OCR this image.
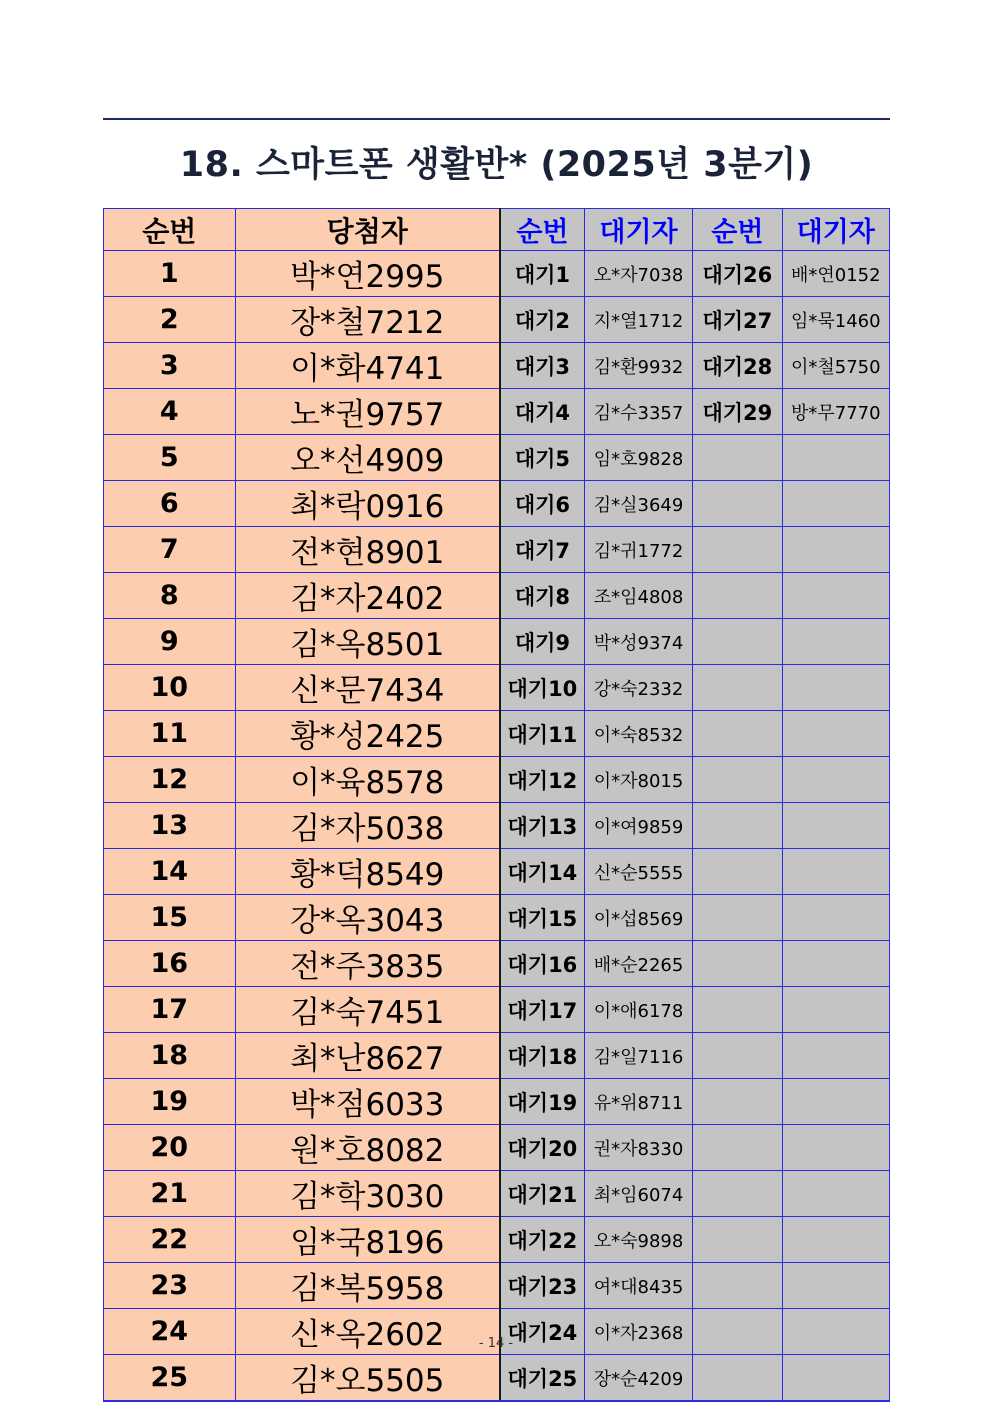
18. 스마트폰 생활반* (2025년 3분기)
순번	당첨자	순번	대기자	순번	대기자
1	박*연2995	대기1	오*자7038	대기26	배*연0152
2	장*철7212	대기2	지*열1712	대기27	임*묵1460
3	이*화4741	대기3	김*환9932	대기28	이*철5750
4	노*권9757	대기4	김*수3357	대기29	방*무7770
5	오*선4909	대기5	임*호9828		
6	최*락0916	대기6	김*실3649		
7	전*현8901	대기7	김*귀1772		
8	김*자2402	대기8	조*임4808		
9	김*옥8501	대기9	박*성9374		
10	신*문7434	대기10	강*숙2332		
11	황*성2425	대기11	이*숙8532		
12	이*육8578	대기12	이*자8015		
13	김*자5038	대기13	이*여9859		
14	황*덕8549	대기14	신*순5555		
15	강*옥3043	대기15	이*섭8569		
16	전*주3835	대기16	배*순2265		
17	김*숙7451	대기17	이*애6178		
18	최*난8627	대기18	김*일7116		
19	박*점6033	대기19	유*위8711		
20	원*호8082	대기20	권*자8330		
21	김*학3030	대기21	최*임6074		
22	임*국8196	대기22	오*숙9898		
23	김*복5958	대기23	여*대8435		
24	신*옥2602	대기24	이*자2368		
25	김*오5505	대기25	장*순4209		
- 14 -
